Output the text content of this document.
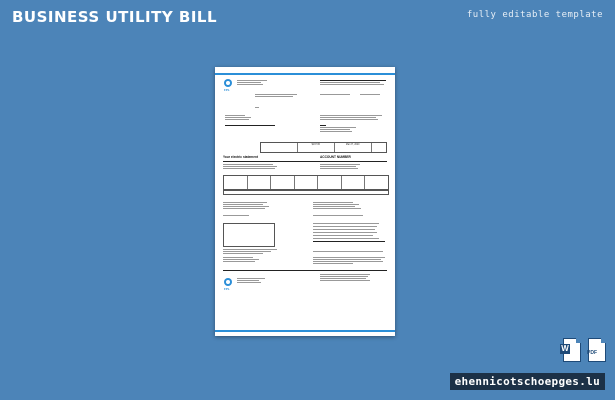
BUSINESS UTILITY BILL	fully editable template
FPL
$197.95	Mar 27, 2020
Your electric statement	ACCOUNT NUMBER
FPL
W	PDF
ehennicotschoepges.lu
